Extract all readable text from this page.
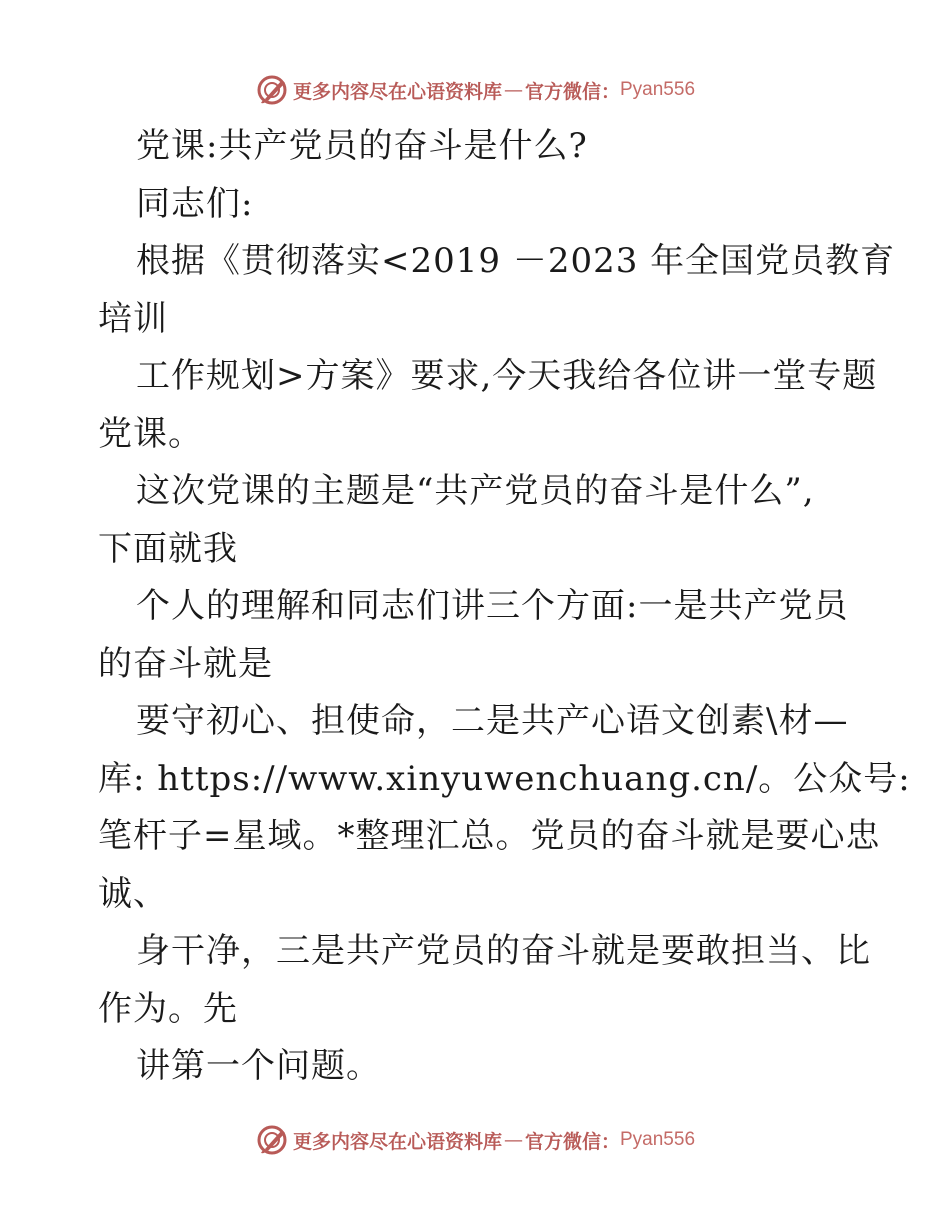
更多内容尽在心语资料库 — 官方微信： Pyan556
党课:共产党员的奋斗是什么?
同志们:
根据《贯彻落实<2019 －2023 年全国党员教育
培训
工作规划>方案》要求,今天我给各位讲一堂专题
党课。
这次党课的主题是“共产党员的奋斗是什么”,
下面就我
个人的理解和同志们讲三个方面:一是共产党员
的奋斗就是
要守初心、担使命，二是共产心语文创素\材—
库: https://www.xinyuwenchuang.cn/。公众号:
笔杆子=星域。*整理汇总。党员的奋斗就是要心忠
诚、
身干净，三是共产党员的奋斗就是要敢担当、比
作为。先
讲第一个问题。
更多内容尽在心语资料库 — 官方微信： Pyan556
